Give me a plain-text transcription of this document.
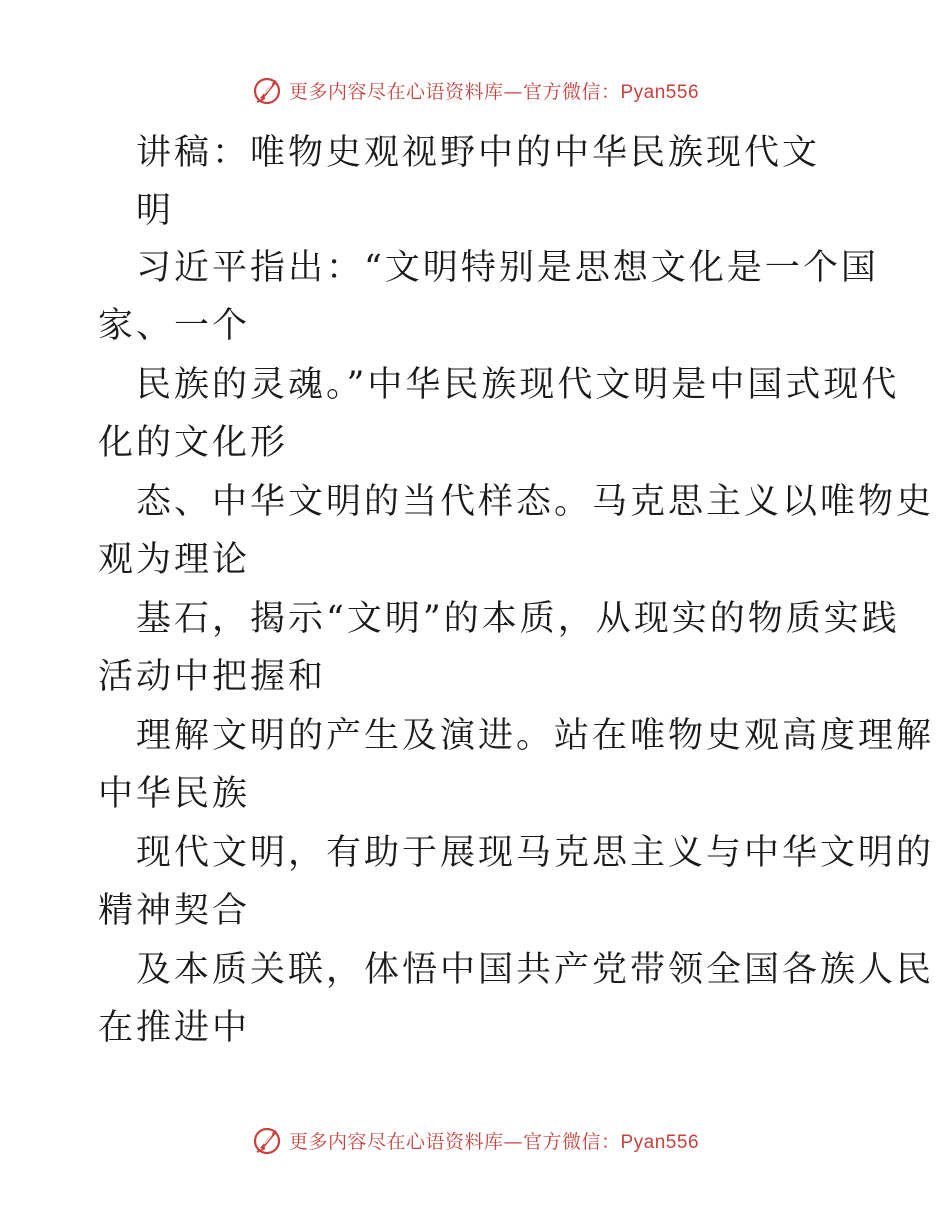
更多内容尽在心语资料库—官方微信：Pyan556
讲稿：唯物史观视野中的中华民族现代文
明
习近平指出：“文明特别是思想文化是一个国
家、一个
民族的灵魂。”中华民族现代文明是中国式现代
化的文化形
态、中华文明的当代样态。马克思主义以唯物史
观为理论
基石，揭示“文明”的本质，从现实的物质实践
活动中把握和
理解文明的产生及演进。站在唯物史观高度理解
中华民族
现代文明，有助于展现马克思主义与中华文明的
精神契合
及本质关联，体悟中国共产党带领全国各族人民
在推进中
更多内容尽在心语资料库—官方微信：Pyan556
